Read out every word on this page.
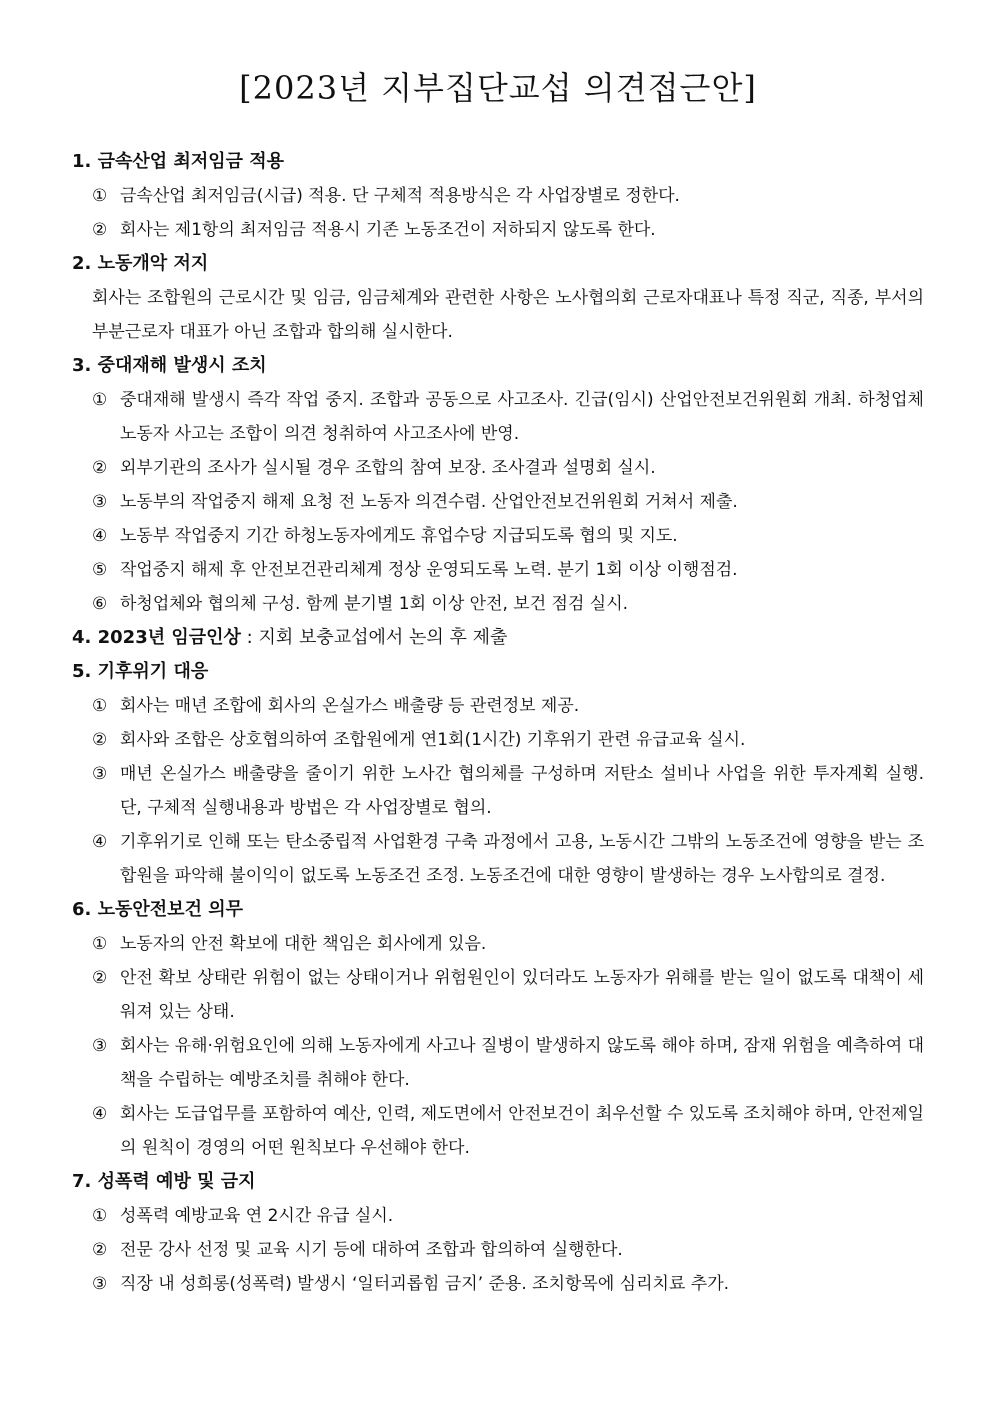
[2023년 지부집단교섭 의견접근안]
1. 금속산업 최저임금 적용
① 금속산업 최저임금(시급) 적용. 단 구체적 적용방식은 각 사업장별로 정한다.
② 회사는 제1항의 최저임금 적용시 기존 노동조건이 저하되지 않도록 한다.
2. 노동개악 저지
회사는 조합원의 근로시간 및 임금, 임금체계와 관련한 사항은 노사협의회 근로자대표나 특정 직군, 직종, 부서의 부분근로자 대표가 아닌 조합과 합의해 실시한다.
3. 중대재해 발생시 조치
① 중대재해 발생시 즉각 작업 중지. 조합과 공동으로 사고조사. 긴급(임시) 산업안전보건위원회 개최. 하청업체 노동자 사고는 조합이 의견 청취하여 사고조사에 반영.
② 외부기관의 조사가 실시될 경우 조합의 참여 보장. 조사결과 설명회 실시.
③ 노동부의 작업중지 해제 요청 전 노동자 의견수렴. 산업안전보건위원회 거쳐서 제출.
④ 노동부 작업중지 기간 하청노동자에게도 휴업수당 지급되도록 협의 및 지도.
⑤ 작업중지 해제 후 안전보건관리체계 정상 운영되도록 노력. 분기 1회 이상 이행점검.
⑥ 하청업체와 협의체 구성. 함께 분기별 1회 이상 안전, 보건 점검 실시.
4. 2023년 임금인상 : 지회 보충교섭에서 논의 후 제출
5. 기후위기 대응
① 회사는 매년 조합에 회사의 온실가스 배출량 등 관련정보 제공.
② 회사와 조합은 상호협의하여 조합원에게 연1회(1시간) 기후위기 관련 유급교육 실시.
③ 매년 온실가스 배출량을 줄이기 위한 노사간 협의체를 구성하며 저탄소 설비나 사업을 위한 투자계획 실행. 단, 구체적 실행내용과 방법은 각 사업장별로 협의.
④ 기후위기로 인해 또는 탄소중립적 사업환경 구축 과정에서 고용, 노동시간 그밖의 노동조건에 영향을 받는 조합원을 파악해 불이익이 없도록 노동조건 조정. 노동조건에 대한 영향이 발생하는 경우 노사합의로 결정.
6. 노동안전보건 의무
① 노동자의 안전 확보에 대한 책임은 회사에게 있음.
② 안전 확보 상태란 위험이 없는 상태이거나 위험원인이 있더라도 노동자가 위해를 받는 일이 없도록 대책이 세워져 있는 상태.
③ 회사는 유해·위험요인에 의해 노동자에게 사고나 질병이 발생하지 않도록 해야 하며, 잠재 위험을 예측하여 대책을 수립하는 예방조치를 취해야 한다.
④ 회사는 도급업무를 포함하여 예산, 인력, 제도면에서 안전보건이 최우선할 수 있도록 조치해야 하며, 안전제일의 원칙이 경영의 어떤 원칙보다 우선해야 한다.
7. 성폭력 예방 및 금지
① 성폭력 예방교육 연 2시간 유급 실시.
② 전문 강사 선정 및 교육 시기 등에 대하여 조합과 합의하여 실행한다.
③ 직장 내 성희롱(성폭력) 발생시 ‘일터괴롭힘 금지’ 준용. 조치항목에 심리치료 추가.
